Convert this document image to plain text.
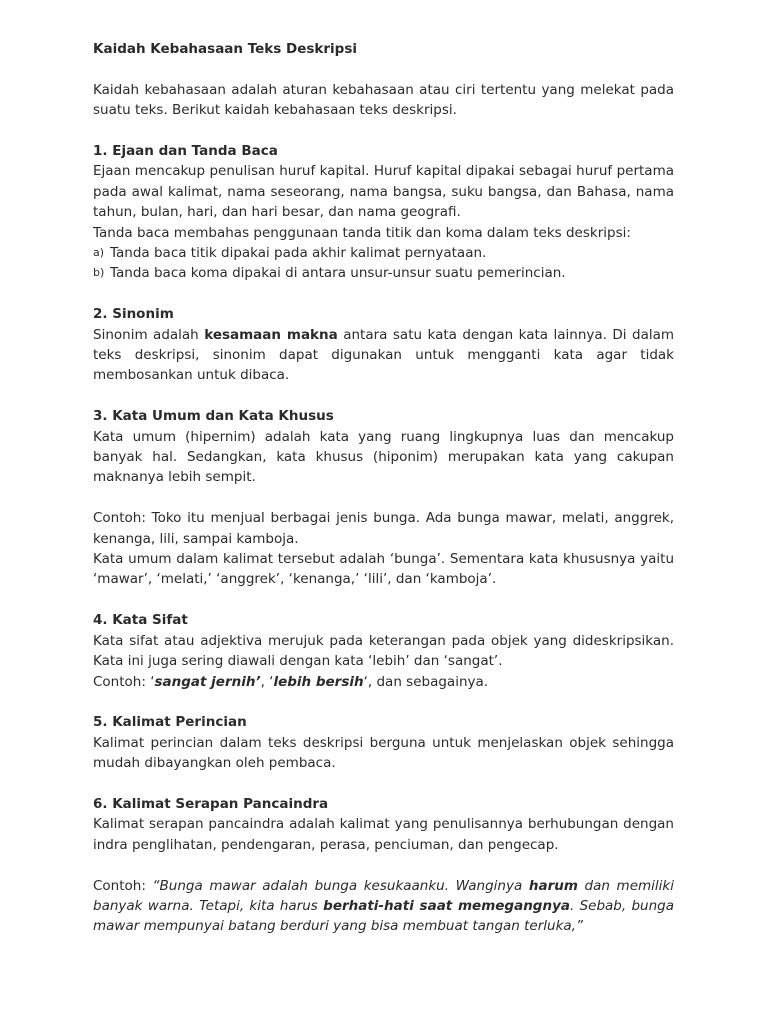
Kaidah Kebahasaan Teks Deskripsi

Kaidah kebahasaan adalah aturan kebahasaan atau ciri tertentu yang melekat pada suatu teks. Berikut kaidah kebahasaan teks deskripsi.

1. Ejaan dan Tanda Baca

Ejaan mencakup penulisan huruf kapital. Huruf kapital dipakai sebagai huruf pertama pada awal kalimat, nama seseorang, nama bangsa, suku bangsa, dan Bahasa, nama tahun, bulan, hari, dan hari besar, dan nama geografi.

Tanda baca membahas penggunaan tanda titik dan koma dalam teks deskripsi:

a) Tanda baca titik dipakai pada akhir kalimat pernyataan.
b) Tanda baca koma dipakai di antara unsur-unsur suatu pemerincian.

2. Sinonim

Sinonim adalah kesamaan makna antara satu kata dengan kata lainnya. Di dalam teks deskripsi, sinonim dapat digunakan untuk mengganti kata agar tidak membosankan untuk dibaca.

3. Kata Umum dan Kata Khusus

Kata umum (hipernim) adalah kata yang ruang lingkupnya luas dan mencakup banyak hal. Sedangkan, kata khusus (hiponim) merupakan kata yang cakupan maknanya lebih sempit.

Contoh: Toko itu menjual berbagai jenis bunga. Ada bunga mawar, melati, anggrek, kenanga, lili, sampai kamboja.

Kata umum dalam kalimat tersebut adalah ‘bunga’. Sementara kata khususnya yaitu ‘mawar’, ‘melati,’ ‘anggrek’, ‘kenanga,’ ‘lili’, dan ‘kamboja’.

4. Kata Sifat

Kata sifat atau adjektiva merujuk pada keterangan pada objek yang dideskripsikan. Kata ini juga sering diawali dengan kata ‘lebih’ dan ‘sangat’.

Contoh: ‘sangat jernih’, ‘lebih bersih‘, dan sebagainya.

5. Kalimat Perincian

Kalimat perincian dalam teks deskripsi berguna untuk menjelaskan objek sehingga mudah dibayangkan oleh pembaca.

6. Kalimat Serapan Pancaindra

Kalimat serapan pancaindra adalah kalimat yang penulisannya berhubungan dengan indra penglihatan, pendengaran, perasa, penciuman, dan pengecap.

Contoh: “Bunga mawar adalah bunga kesukaanku. Wanginya harum dan memiliki banyak warna. Tetapi, kita harus berhati-hati saat memegangnya. Sebab, bunga mawar mempunyai batang berduri yang bisa membuat tangan terluka,”
